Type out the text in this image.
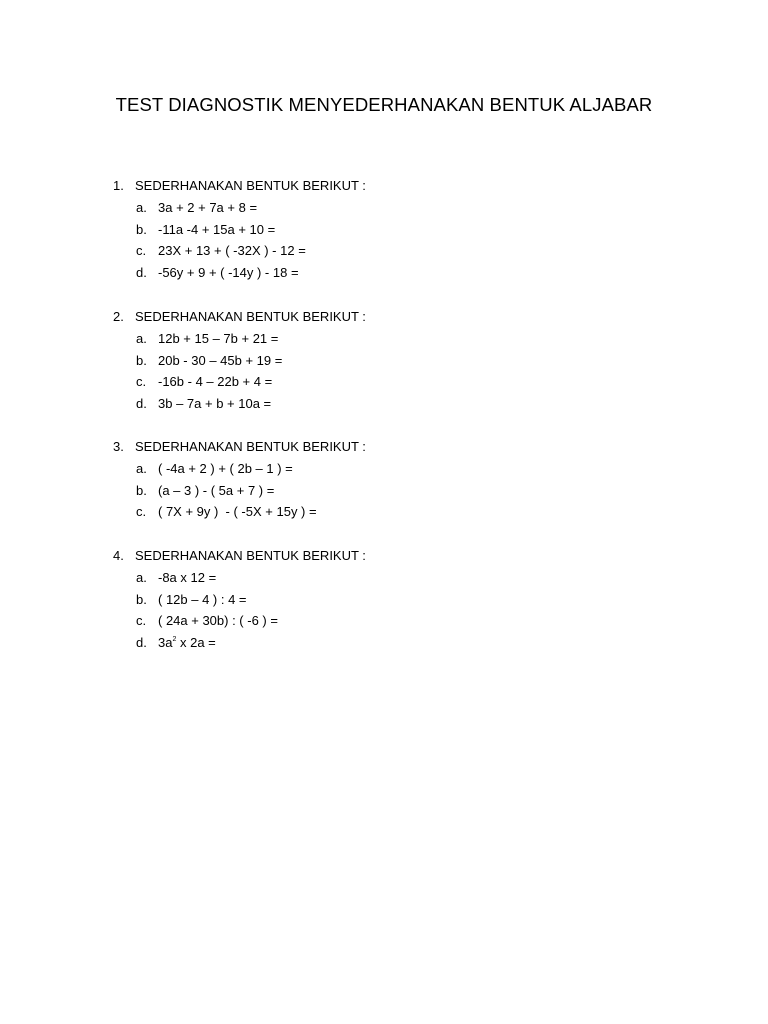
TEST DIAGNOSTIK MENYEDERHANAKAN BENTUK ALJABAR
1. SEDERHANAKAN BENTUK BERIKUT :
a. 3a + 2 + 7a + 8 =
b. -11a -4 + 15a + 10 =
c. 23X + 13 + ( -32X ) - 12 =
d. -56y + 9 + ( -14y ) - 18 =
2. SEDERHANAKAN BENTUK BERIKUT :
a. 12b + 15 – 7b + 21 =
b. 20b - 30 – 45b + 19 =
c. -16b - 4 – 22b + 4 =
d. 3b – 7a + b + 10a =
3. SEDERHANAKAN BENTUK BERIKUT :
a. ( -4a + 2 ) + ( 2b – 1 ) =
b. (a – 3 ) - ( 5a + 7 ) =
c. ( 7X + 9y )  - ( -5X + 15y ) =
4. SEDERHANAKAN BENTUK BERIKUT :
a. -8a x 12 =
b. ( 12b – 4 ) : 4 =
c. ( 24a + 30b) : ( -6 ) =
d. $3a^2$ x 2a =
